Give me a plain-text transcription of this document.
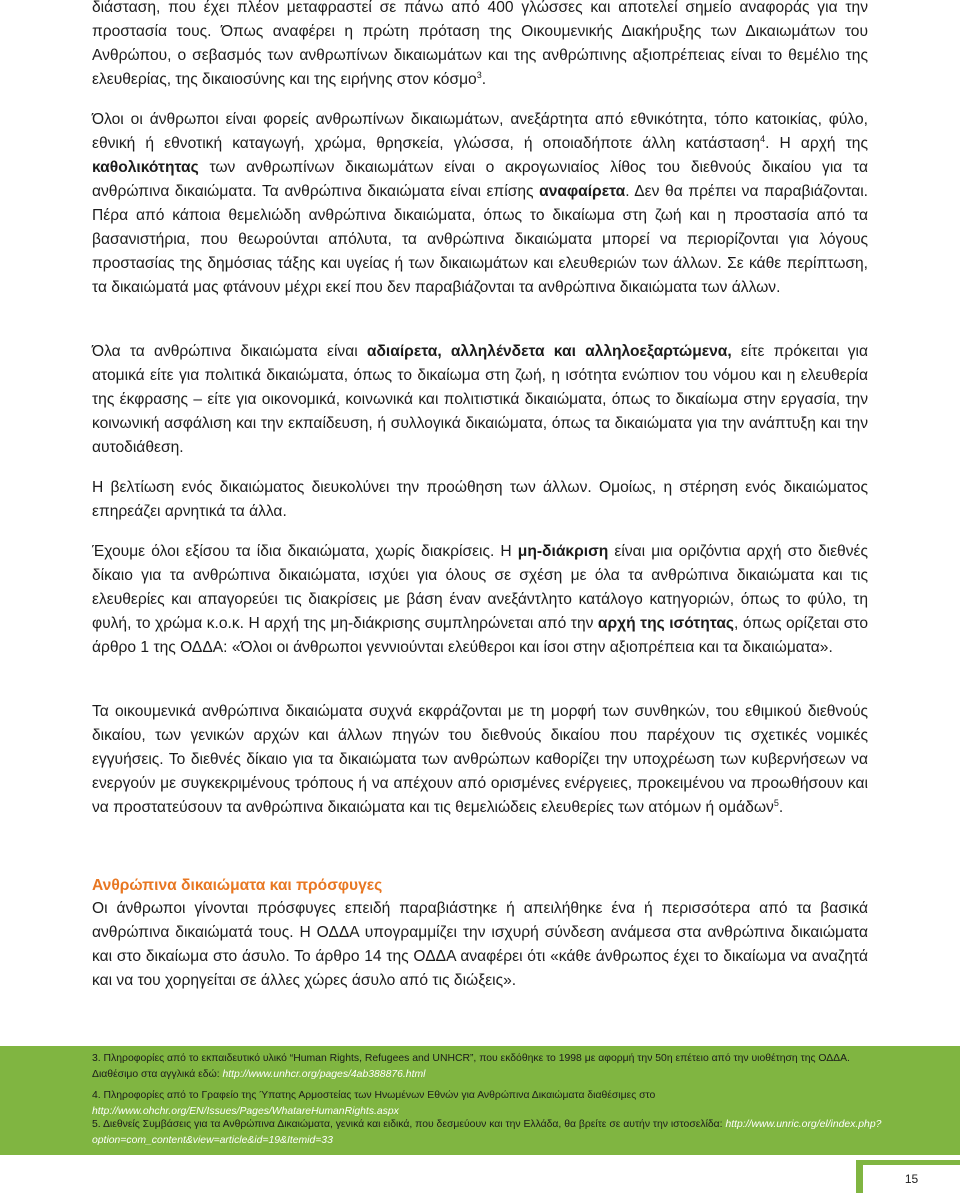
διάσταση, που έχει πλέον μεταφραστεί σε πάνω από 400 γλώσσες και αποτελεί σημείο αναφοράς για την προστασία τους. Όπως αναφέρει η πρώτη πρόταση της Οικουμενικής Διακήρυξης των Δικαιωμάτων του Ανθρώπου, ο σεβασμός των ανθρωπίνων δικαιωμάτων και της ανθρώπινης αξιοπρέπειας είναι το θεμέλιο της ελευθερίας, της δικαιοσύνης και της ειρήνης στον κόσμο$^3$.

Όλοι οι άνθρωποι είναι φορείς ανθρωπίνων δικαιωμάτων, ανεξάρτητα από εθνικότητα, τόπο κατοικίας, φύλο, εθνική ή εθνοτική καταγωγή, χρώμα, θρησκεία, γλώσσα, ή οποιαδήποτε άλλη κατάσταση$^4$. Η αρχή της καθολικότητας των ανθρωπίνων δικαιωμάτων είναι ο ακρογωνιαίος λίθος του διεθνούς δικαίου για τα ανθρώπινα δικαιώματα. Τα ανθρώπινα δικαιώματα είναι επίσης αναφαίρετα. Δεν θα πρέπει να παραβιάζονται. Πέρα από κάποια θεμελιώδη ανθρώπινα δικαιώματα, όπως το δικαίωμα στη ζωή και η προστασία από τα βασανιστήρια, που θεωρούνται απόλυτα, τα ανθρώπινα δικαιώματα μπορεί να περιορίζονται για λόγους προστασίας της δημόσιας τάξης και υγείας ή των δικαιωμάτων και ελευθεριών των άλλων. Σε κάθε περίπτωση, τα δικαιώματά μας φτάνουν μέχρι εκεί που δεν παραβιάζονται τα ανθρώπινα δικαιώματα των άλλων.

Όλα τα ανθρώπινα δικαιώματα είναι αδιαίρετα, αλληλένδετα και αλληλοεξαρτώμενα, είτε πρόκειται για ατομικά είτε για πολιτικά δικαιώματα, όπως το δικαίωμα στη ζωή, η ισότητα ενώπιον του νόμου και η ελευθερία της έκφρασης – είτε για οικονομικά, κοινωνικά και πολιτιστικά δικαιώματα, όπως το δικαίωμα στην εργασία, την κοινωνική ασφάλιση και την εκπαίδευση, ή συλλογικά δικαιώματα, όπως τα δικαιώματα για την ανάπτυξη και την αυτοδιάθεση.

Η βελτίωση ενός δικαιώματος διευκολύνει την προώθηση των άλλων. Ομοίως, η στέρηση ενός δικαιώματος επηρεάζει αρνητικά τα άλλα.

Έχουμε όλοι εξίσου τα ίδια δικαιώματα, χωρίς διακρίσεις. Η μη-διάκριση είναι μια οριζόντια αρχή στο διεθνές δίκαιο για τα ανθρώπινα δικαιώματα, ισχύει για όλους σε σχέση με όλα τα ανθρώπινα δικαιώματα και τις ελευθερίες και απαγορεύει τις διακρίσεις με βάση έναν ανεξάντλητο κατάλογο κατηγοριών, όπως το φύλο, τη φυλή, το χρώμα κ.ο.κ. Η αρχή της μη-διάκρισης συμπληρώνεται από την αρχή της ισότητας, όπως ορίζεται στο άρθρο 1 της ΟΔΔΑ: «Όλοι οι άνθρωποι γεννιούνται ελεύθεροι και ίσοι στην αξιοπρέπεια και τα δικαιώματα».

Τα οικουμενικά ανθρώπινα δικαιώματα συχνά εκφράζονται με τη μορφή των συνθηκών, του εθιμικού διεθνούς δικαίου, των γενικών αρχών και άλλων πηγών του διεθνούς δικαίου που παρέχουν τις σχετικές νομικές εγγυήσεις. Το διεθνές δίκαιο για τα δικαιώματα των ανθρώπων καθορίζει την υποχρέωση των κυβερνήσεων να ενεργούν με συγκεκριμένους τρόπους ή να απέχουν από ορισμένες ενέργειες, προκειμένου να προωθήσουν και να προστατεύσουν τα ανθρώπινα δικαιώματα και τις θεμελιώδεις ελευθερίες των ατόμων ή ομάδων$^5$.

Ανθρώπινα δικαιώματα και πρόσφυγες

Οι άνθρωποι γίνονται πρόσφυγες επειδή παραβιάστηκε ή απειλήθηκε ένα ή περισσότερα από τα βασικά ανθρώπινα δικαιώματά τους. Η ΟΔΔΑ υπογραμμίζει την ισχυρή σύνδεση ανάμεσα στα ανθρώπινα δικαιώματα και στο δικαίωμα στο άσυλο. Το άρθρο 14 της ΟΔΔΑ αναφέρει ότι «κάθε άνθρωπος έχει το δικαίωμα να αναζητά και να του χορηγείται σε άλλες χώρες άσυλο από τις διώξεις».

3. Πληροφορίες από το εκπαιδευτικό υλικό “Human Rights, Refugees and UNHCR”, που εκδόθηκε το 1998 με αφορμή την 50η επέτειο από την υιοθέτηση της ΟΔΔΑ. Διαθέσιμο στα αγγλικά εδώ: http://www.unhcr.org/pages/4ab388876.html

4. Πληροφορίες από το Γραφείο της Ύπατης Αρμοστείας των Ηνωμένων Εθνών για Ανθρώπινα Δικαιώματα διαθέσιμες στο http://www.ohchr.org/EN/Issues/Pages/WhatareHumanRights.aspx

5. Διεθνείς Συμβάσεις για τα Ανθρώπινα Δικαιώματα, γενικά και ειδικά, που δεσμεύουν και την Ελλάδα, θα βρείτε σε αυτήν την ιστοσελίδα: http://www.unric.org/el/index.php?option=com_content&view=article&id=19&Itemid=33

15
